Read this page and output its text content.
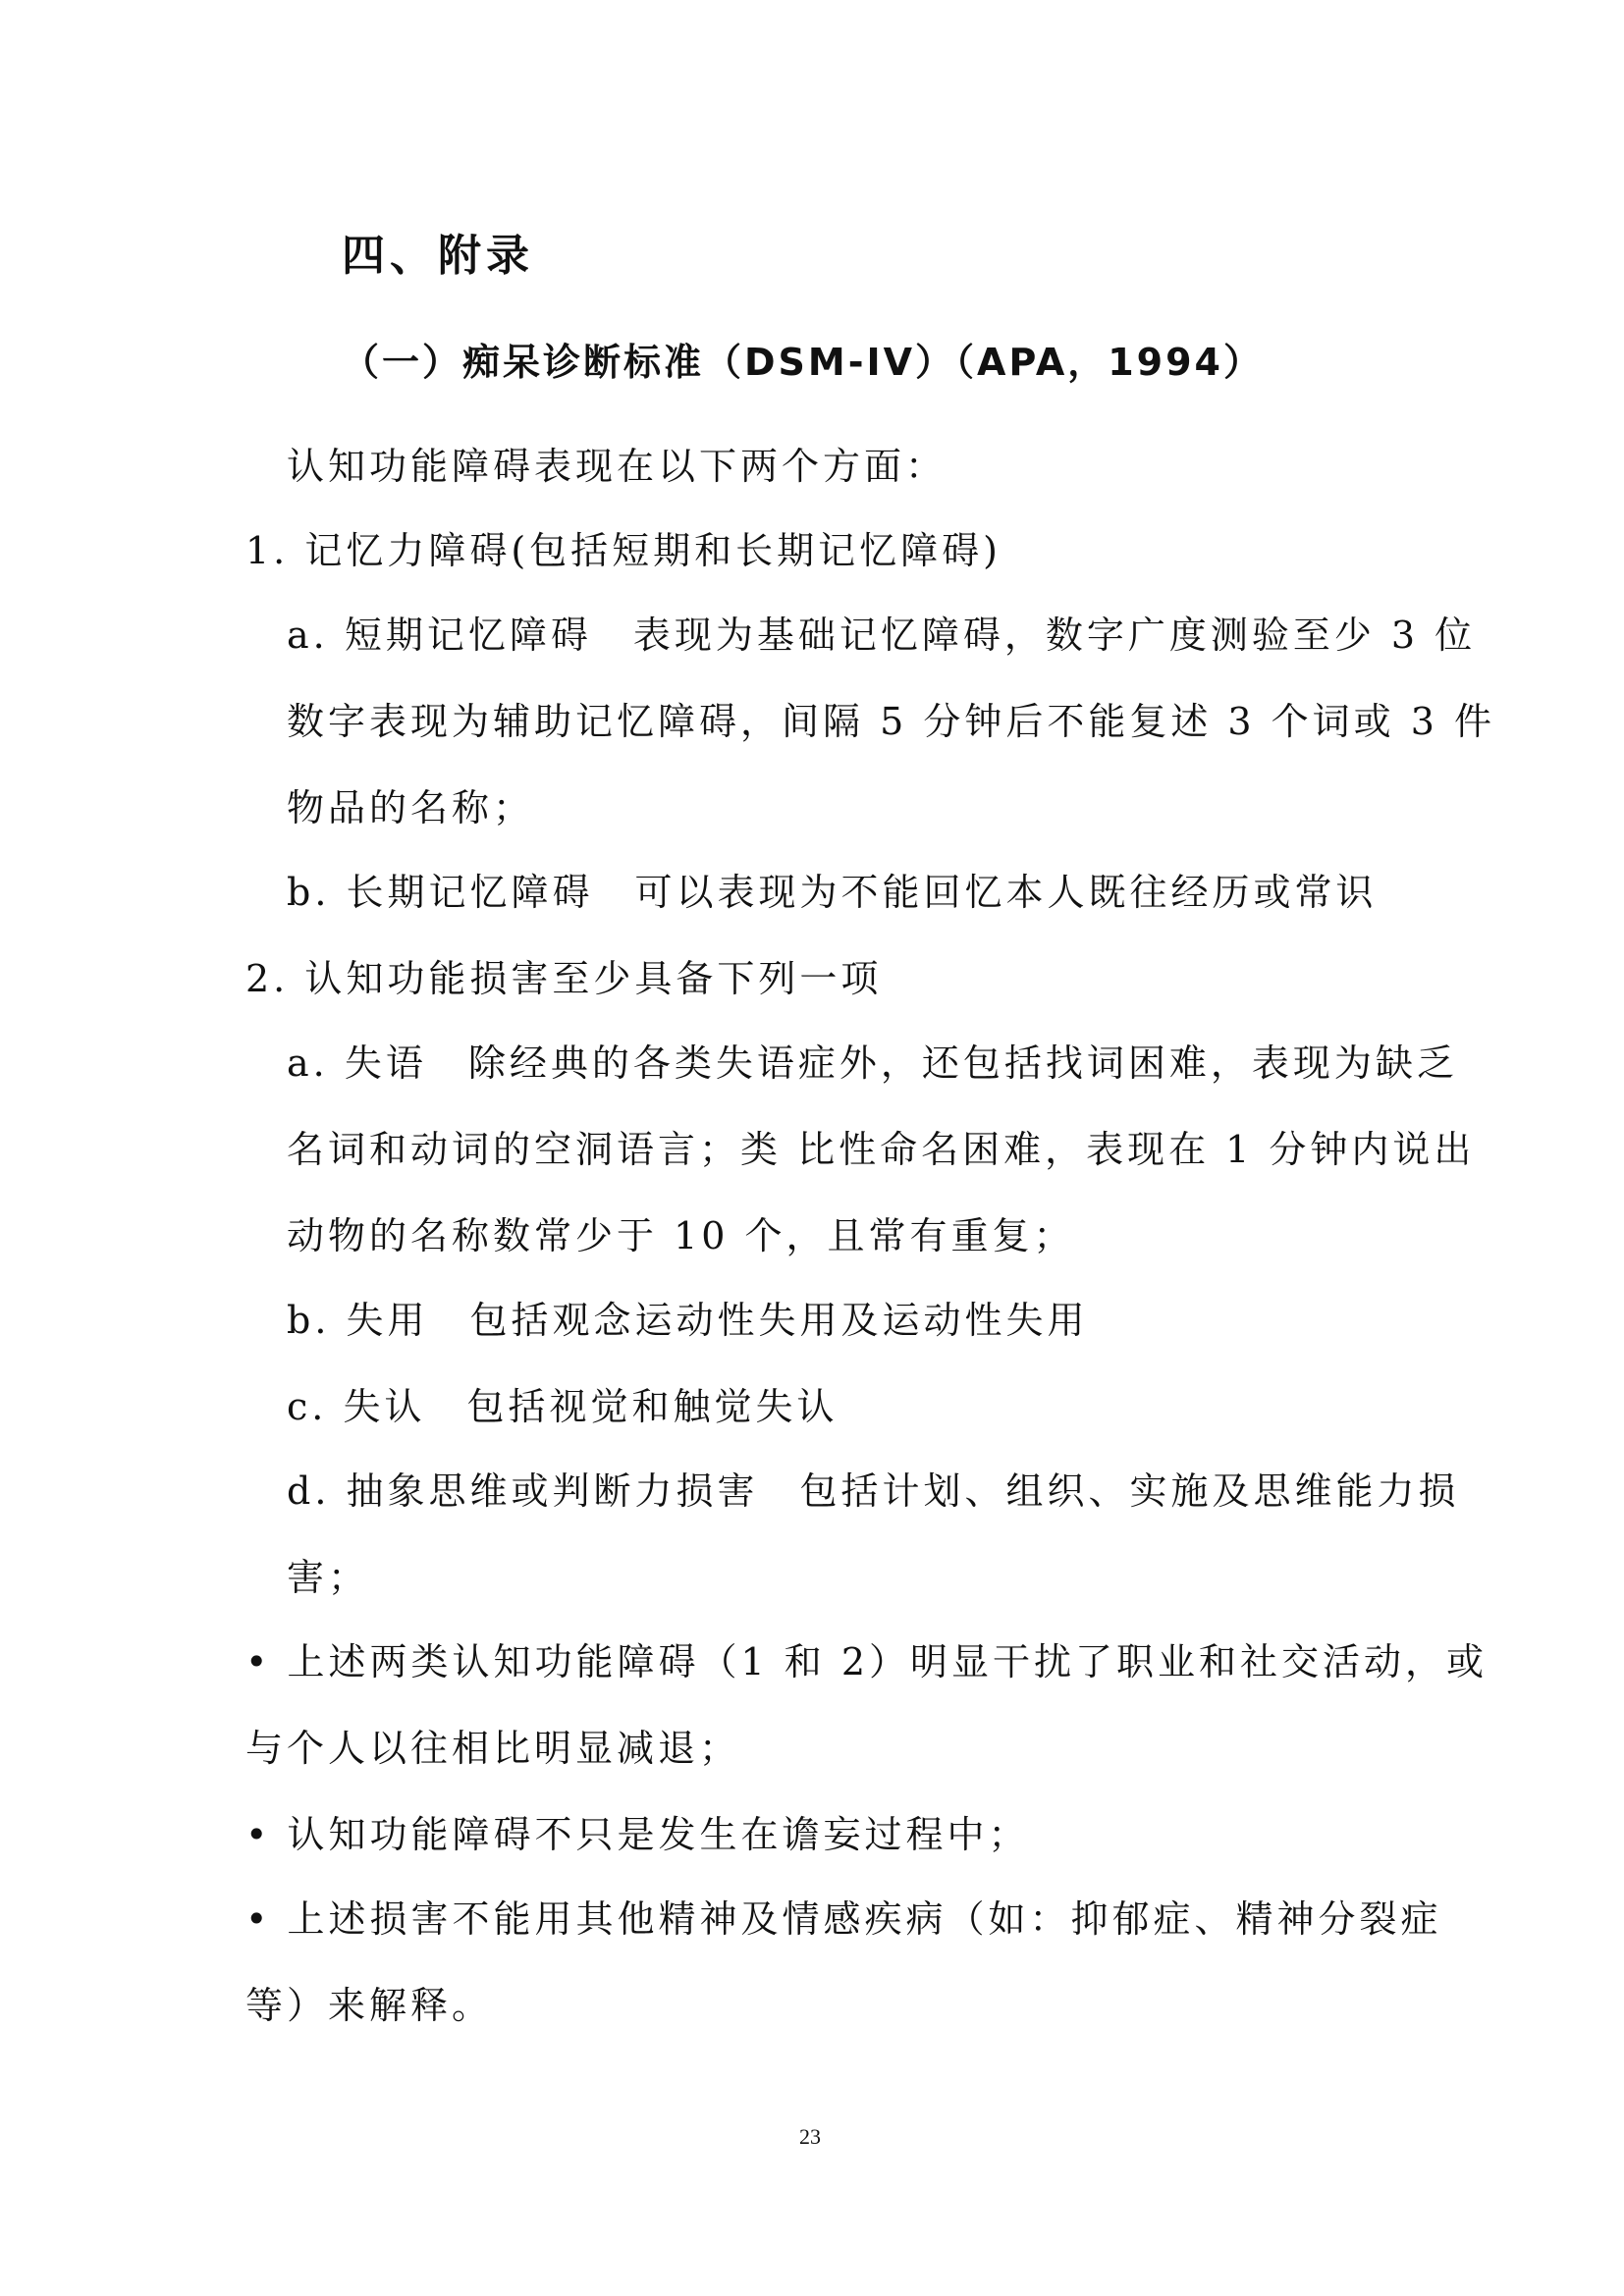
四、附录
（一）痴呆诊断标准（DSM-IV）（APA，1994）
认知功能障碍表现在以下两个方面：
1. 记忆力障碍(包括短期和长期记忆障碍)
a. 短期记忆障碍　表现为基础记忆障碍，数字广度测验至少 3 位
数字表现为辅助记忆障碍，间隔 5 分钟后不能复述 3 个词或 3 件
物品的名称；
b. 长期记忆障碍　可以表现为不能回忆本人既往经历或常识
2. 认知功能损害至少具备下列一项
a. 失语　除经典的各类失语症外，还包括找词困难，表现为缺乏
名词和动词的空洞语言；类 比性命名困难，表现在 1 分钟内说出
动物的名称数常少于 10 个，且常有重复；
b. 失用　包括观念运动性失用及运动性失用
c. 失认　包括视觉和触觉失认
d. 抽象思维或判断力损害　包括计划、组织、实施及思维能力损
害；
• 上述两类认知功能障碍（1 和 2）明显干扰了职业和社交活动，或
与个人以往相比明显减退；
• 认知功能障碍不只是发生在谵妄过程中；
• 上述损害不能用其他精神及情感疾病（如：抑郁症、精神分裂症
等）来解释。
23
